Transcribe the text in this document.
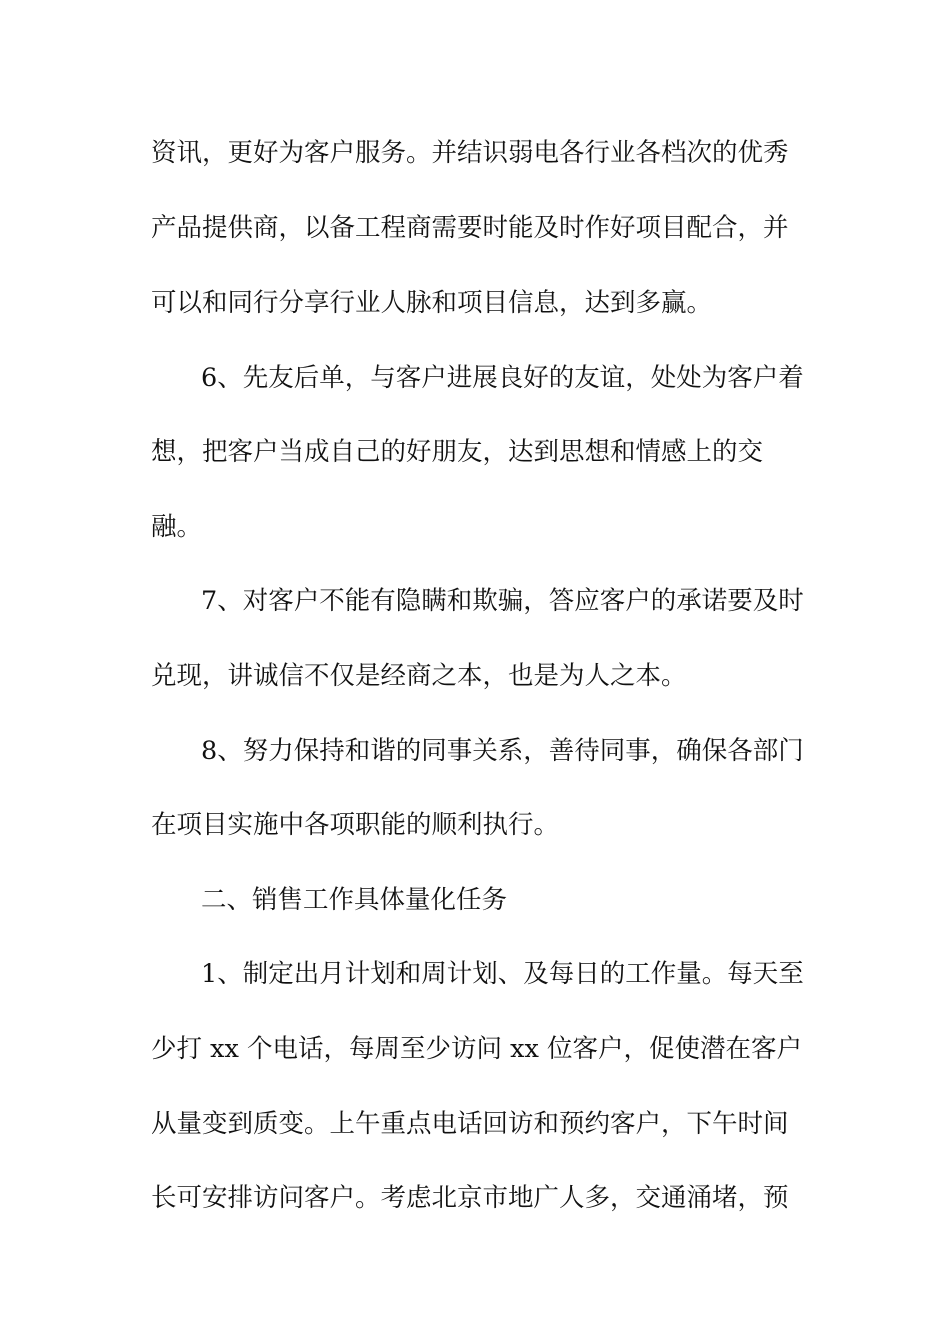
资讯，更好为客户服务。并结识弱电各行业各档次的优秀
产品提供商，以备工程商需要时能及时作好项目配合，并
可以和同行分享行业人脉和项目信息，达到多赢。
6、先友后单，与客户进展良好的友谊，处处为客户着
想，把客户当成自己的好朋友，达到思想和情感上的交
融。
7、对客户不能有隐瞒和欺骗，答应客户的承诺要及时
兑现，讲诚信不仅是经商之本，也是为人之本。
8、努力保持和谐的同事关系，善待同事，确保各部门
在项目实施中各项职能的顺利执行。
二、销售工作具体量化任务
1、制定出月计划和周计划、及每日的工作量。每天至
少打 xx 个电话，每周至少访问 xx 位客户，促使潜在客户
从量变到质变。上午重点电话回访和预约客户，下午时间
长可安排访问客户。考虑北京市地广人多，交通涌堵，预
